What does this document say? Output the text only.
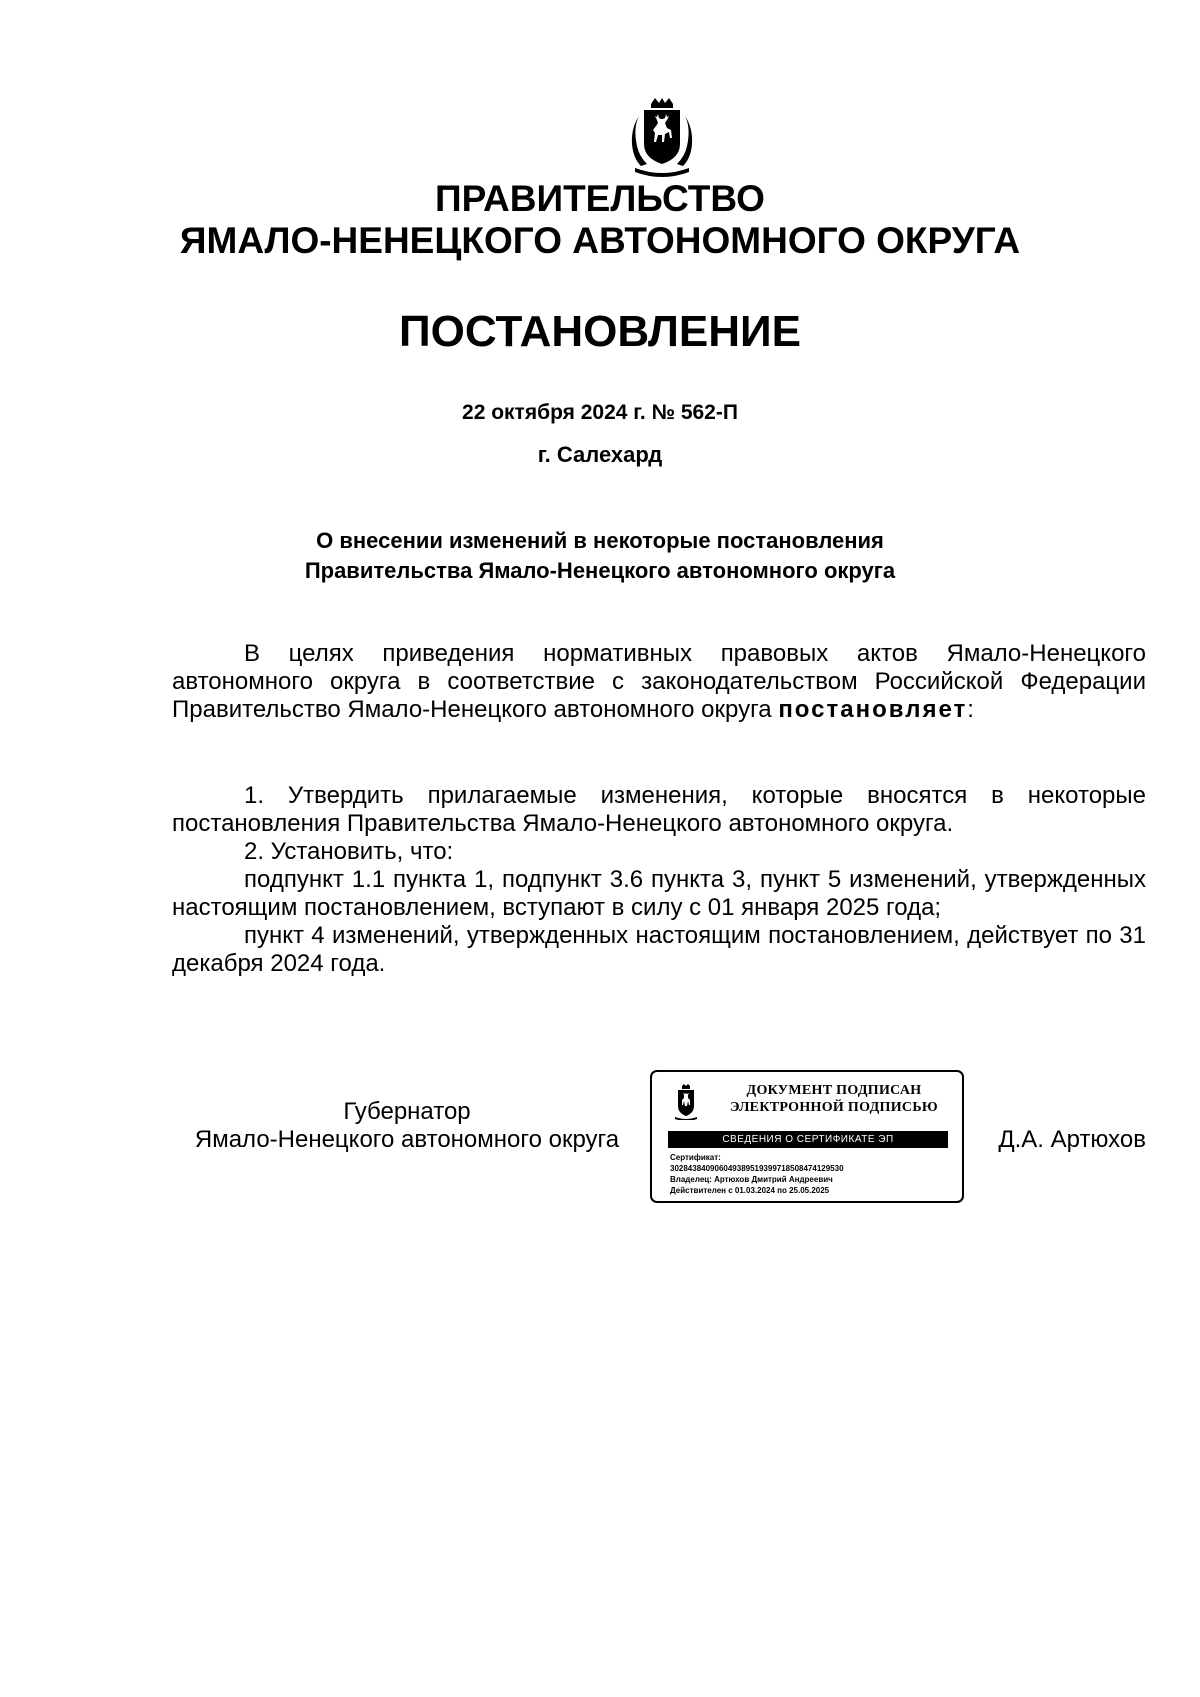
ПРАВИТЕЛЬСТВО
ЯМАЛО-НЕНЕЦКОГО АВТОНОМНОГО ОКРУГА
ПОСТАНОВЛЕНИЕ
22 октября 2024 г. № 562-П
г. Салехард
О внесении изменений в некоторые постановления
Правительства Ямало-Ненецкого автономного округа

В целях приведения нормативных правовых актов Ямало-Ненецкого автономного округа в соответствие с законодательством Российской Федерации Правительство Ямало-Ненецкого автономного округа постановляет:

1. Утвердить прилагаемые изменения, которые вносятся в некоторые постановления Правительства Ямало-Ненецкого автономного округа.

2. Установить, что:

подпункт 1.1 пункта 1, подпункт 3.6 пункта 3, пункт 5 изменений, утвержденных настоящим постановлением, вступают в силу с 01 января 2025 года;

пункт 4 изменений, утвержденных настоящим постановлением, действует по 31 декабря 2024 года.

Губернатор
Ямало-Ненецкого автономного округа
ДОКУМЕНТ ПОДПИСАН
ЭЛЕКТРОННОЙ ПОДПИСЬЮ
СВЕДЕНИЯ О СЕРТИФИКАТЕ ЭП
Сертификат:
3028438409060493895193997185084741295​30
Владелец: Артюхов Дмитрий Андреевич
Действителен с 01.03.2024 по 25.05.2025
Д.А. Артюхов
